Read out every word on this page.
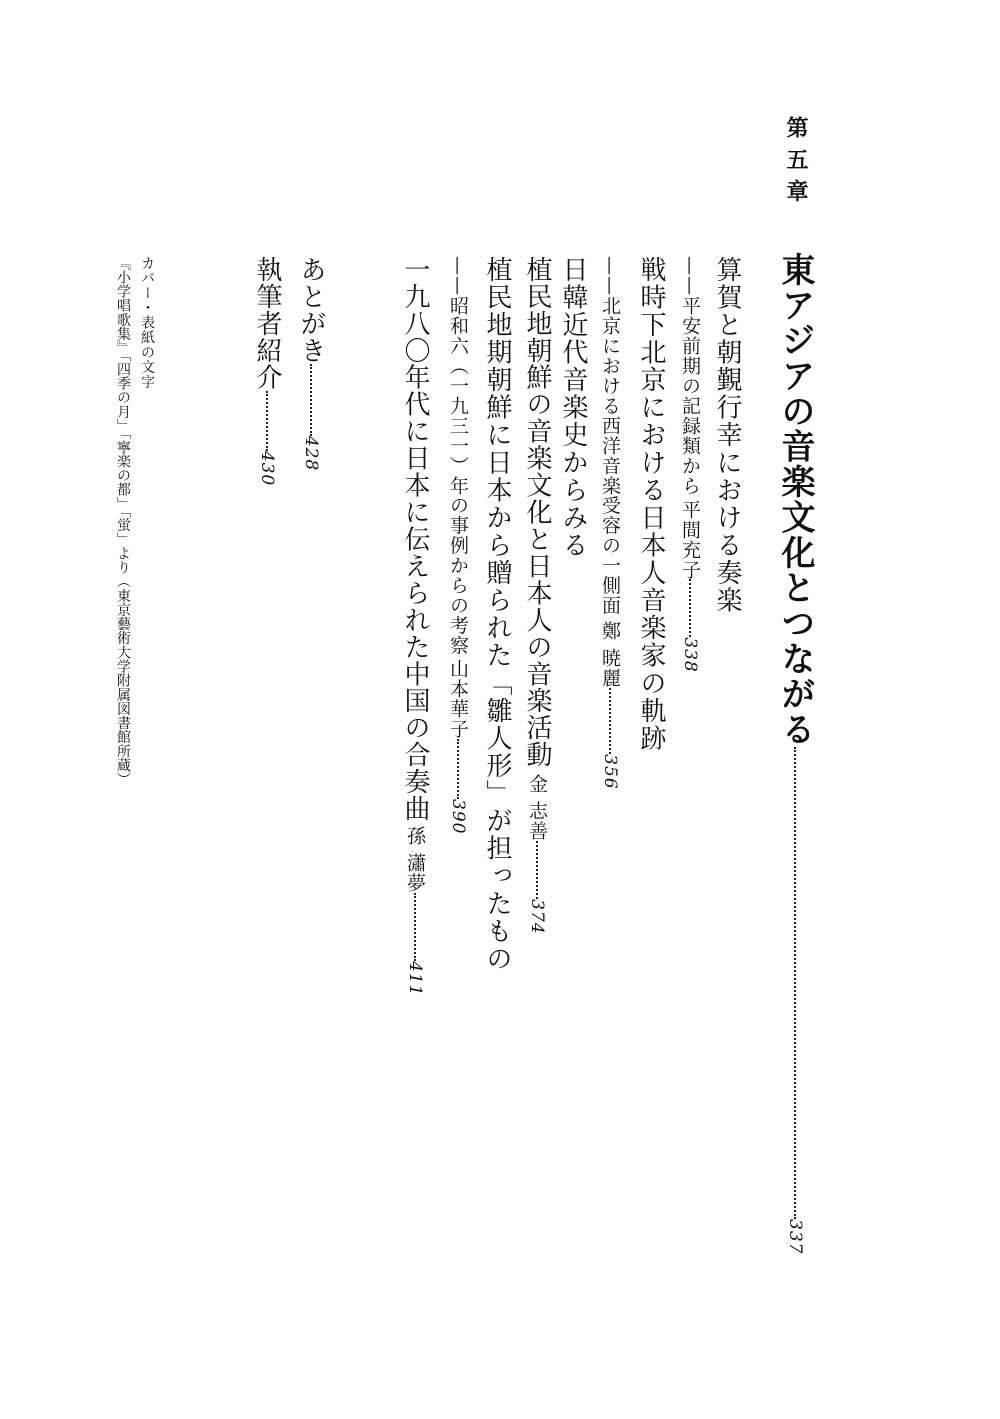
第五章
東アジアの音楽文化とつながる337
算賀と朝覲行幸における奏楽
——平安前期の記録類から平間充子338
戦時下北京における日本人音楽家の軌跡
——北京における西洋音楽受容の一側面鄭 暁麗356
日韓近代音楽史からみる
植民地朝鮮の音楽文化と日本人の音楽活動金 志善374
植民地期朝鮮に日本から贈られた「雛人形」が担ったもの
——昭和六（一九三一）年の事例からの考察山本華子390
一九八〇年代に日本に伝えられた中国の合奏曲孫 瀟夢411
あとがき428
執筆者紹介430
カバー・表紙の文字
『小学唱歌集』「四季の月」「寧楽の都」「蛍」より（東京藝術大学附属図書館所蔵）
